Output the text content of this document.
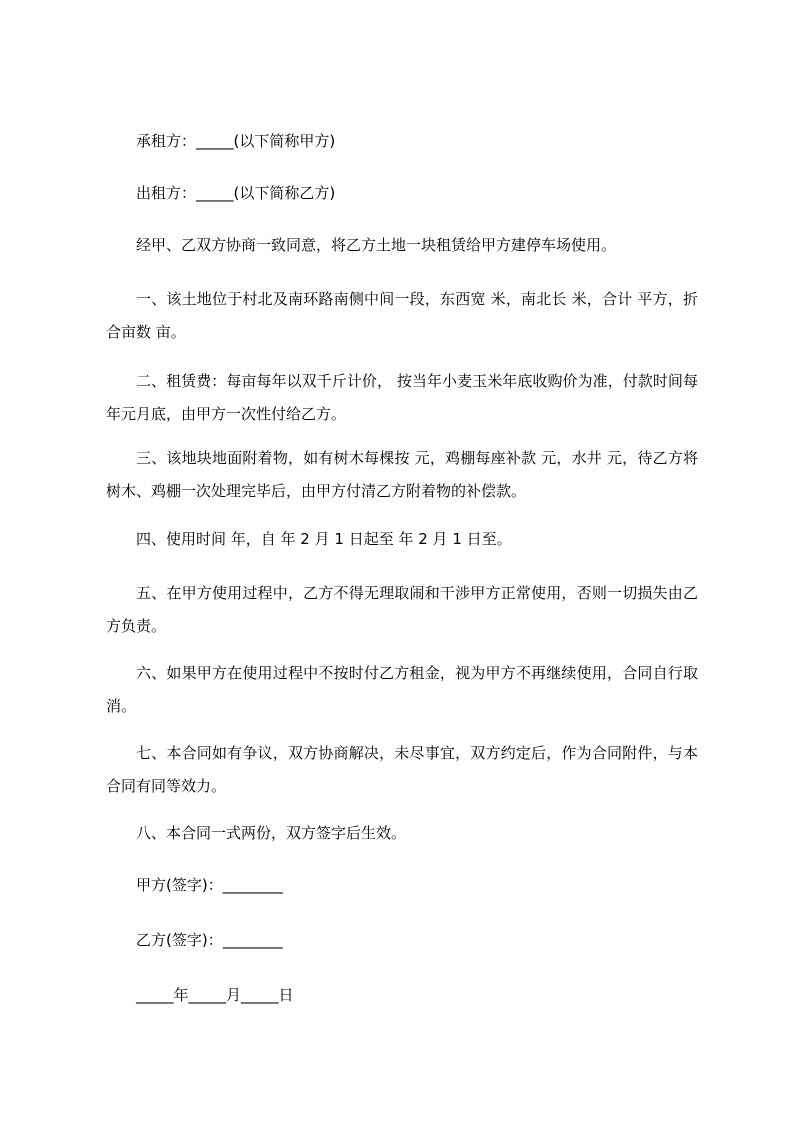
承租方：_____(以下简称甲方)

出租方：_____(以下简称乙方)

经甲、乙双方协商一致同意，将乙方土地一块租赁给甲方建停车场使用。

一、该土地位于村北及南环路南侧中间一段，东西宽 米，南北长 米，合计 平方，折合亩数 亩。

二、租赁费：每亩每年以双千斤计价， 按当年小麦玉米年底收购价为准，付款时间每年元月底，由甲方一次性付给乙方。

三、该地块地面附着物，如有树木每棵按 元，鸡棚每座补款 元，水井 元，待乙方将树木、鸡棚一次处理完毕后，由甲方付清乙方附着物的补偿款。

四、使用时间 年，自 年 2 月 1 日起至 年 2 月 1 日至。

五、在甲方使用过程中，乙方不得无理取闹和干涉甲方正常使用，否则一切损失由乙方负责。

六、如果甲方在使用过程中不按时付乙方租金，视为甲方不再继续使用，合同自行取消。

七、本合同如有争议，双方协商解决，未尽事宜，双方约定后，作为合同附件，与本合同有同等效力。

八、本合同一式两份，双方签字后生效。

甲方(签字)：________

乙方(签字)：________

_____年_____月_____日
